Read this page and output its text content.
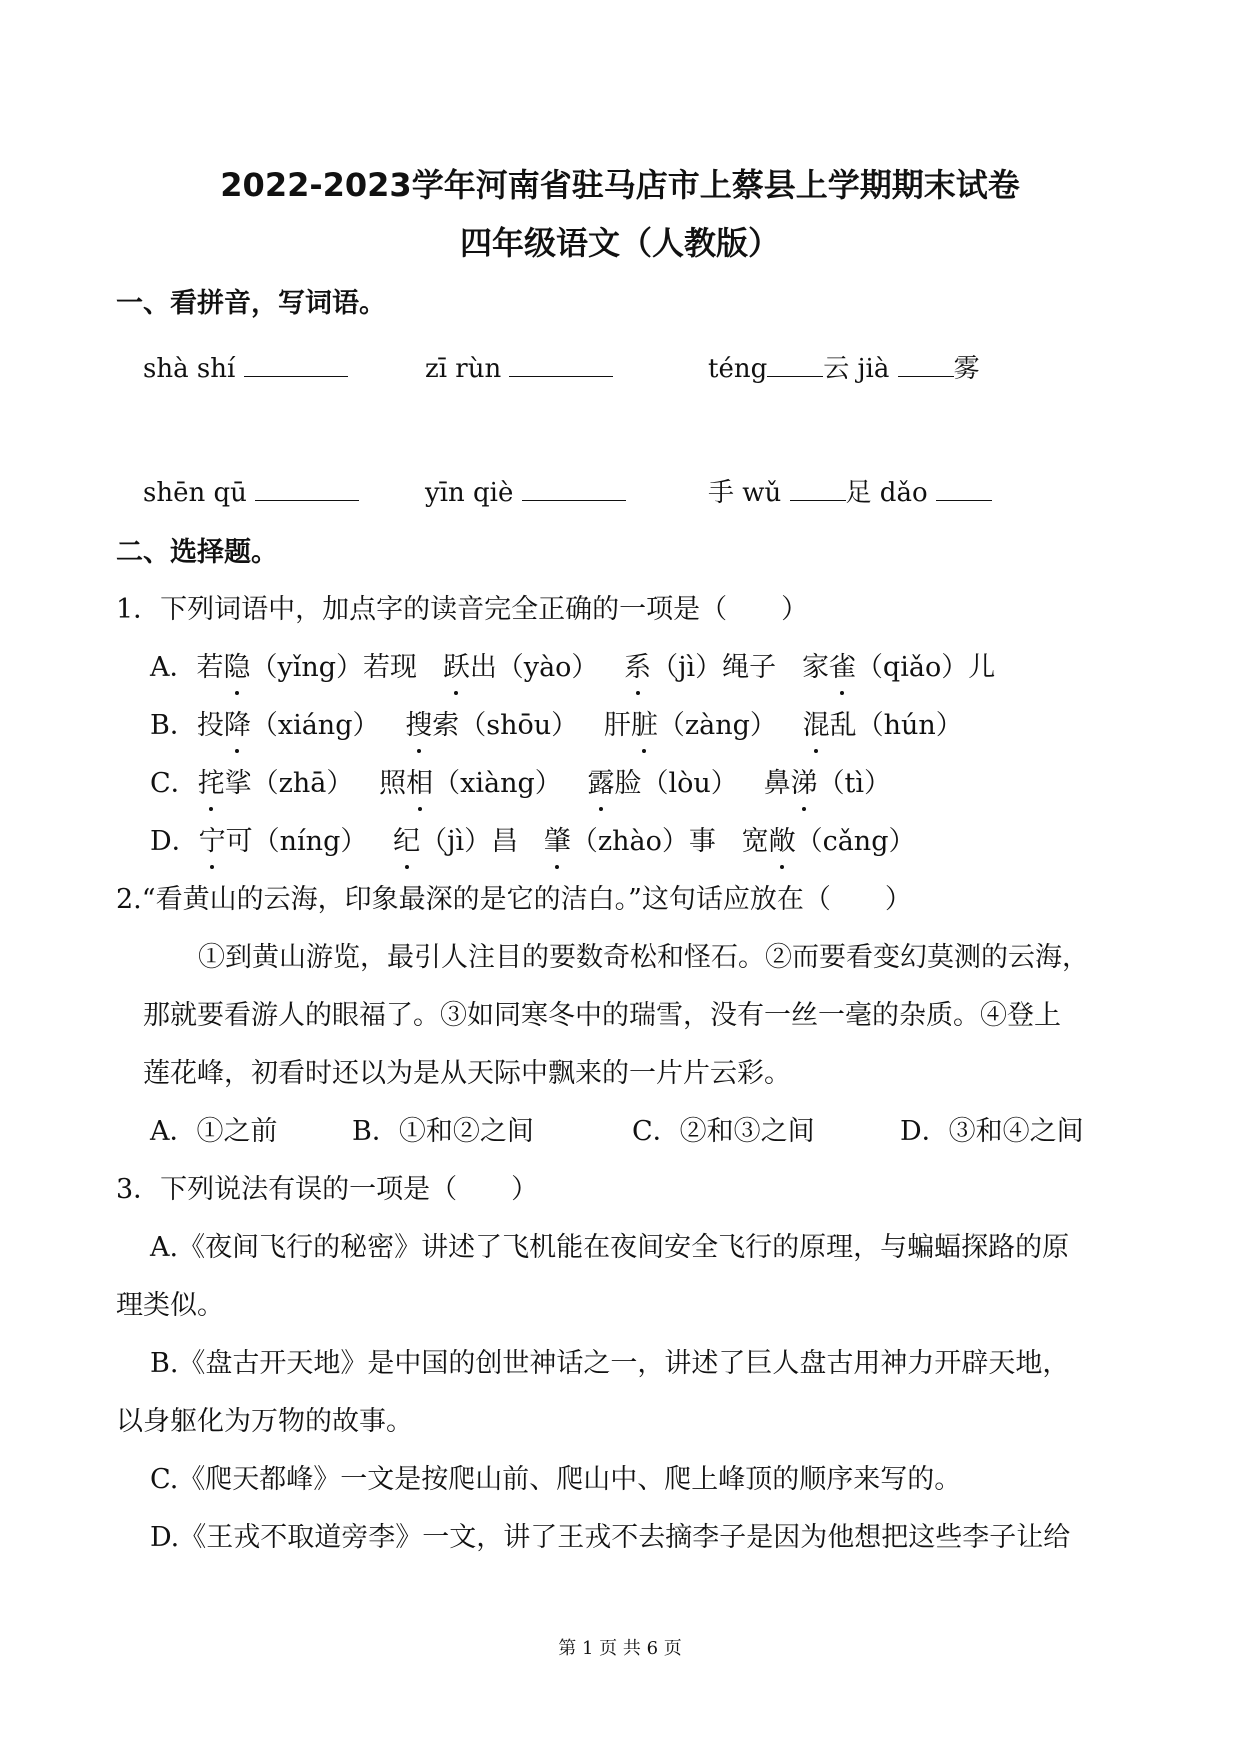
2022-2023学年河南省驻马店市上蔡县上学期期末试卷
四年级语文（人教版）
一、看拼音，写词语。
shà shí	zī rùn	téng 云 jià 雾
shēn qū	yīn qiè	手 wǔ 足 dǎo
二、选择题。
1．下列词语中，加点字的读音完全正确的一项是（　　）
A．若隐（yǐng）若现 跃出（yào） 系（jì）绳子 家雀（qiǎo）儿
B．投降（xiáng） 搜索（shōu） 肝脏（zàng） 混乱（hún）
C．挓挲（zhā） 照相（xiàng） 露脸（lòu） 鼻涕（tì）
D．宁可（níng） 纪（jì）昌 肇（zhào）事 宽敞（cǎng）
2.“看黄山的云海，印象最深的是它的洁白。”这句话应放在（　　）
①到黄山游览，最引人注目的要数奇松和怪石。②而要看变幻莫测的云海，
那就要看游人的眼福了。③如同寒冬中的瑞雪，没有一丝一毫的杂质。④登上
莲花峰，初看时还以为是从天际中飘来的一片片云彩。
A．①之前	B．①和②之间	C．②和③之间	D．③和④之间
3．下列说法有误的一项是（　　）
A.《夜间飞行的秘密》讲述了飞机能在夜间安全飞行的原理，与蝙蝠探路的原
理类似。
B.《盘古开天地》是中国的创世神话之一，讲述了巨人盘古用神力开辟天地，
以身躯化为万物的故事。
C.《爬天都峰》一文是按爬山前、爬山中、爬上峰顶的顺序来写的。
D.《王戎不取道旁李》一文，讲了王戎不去摘李子是因为他想把这些李子让给
第 1 页 共 6 页
